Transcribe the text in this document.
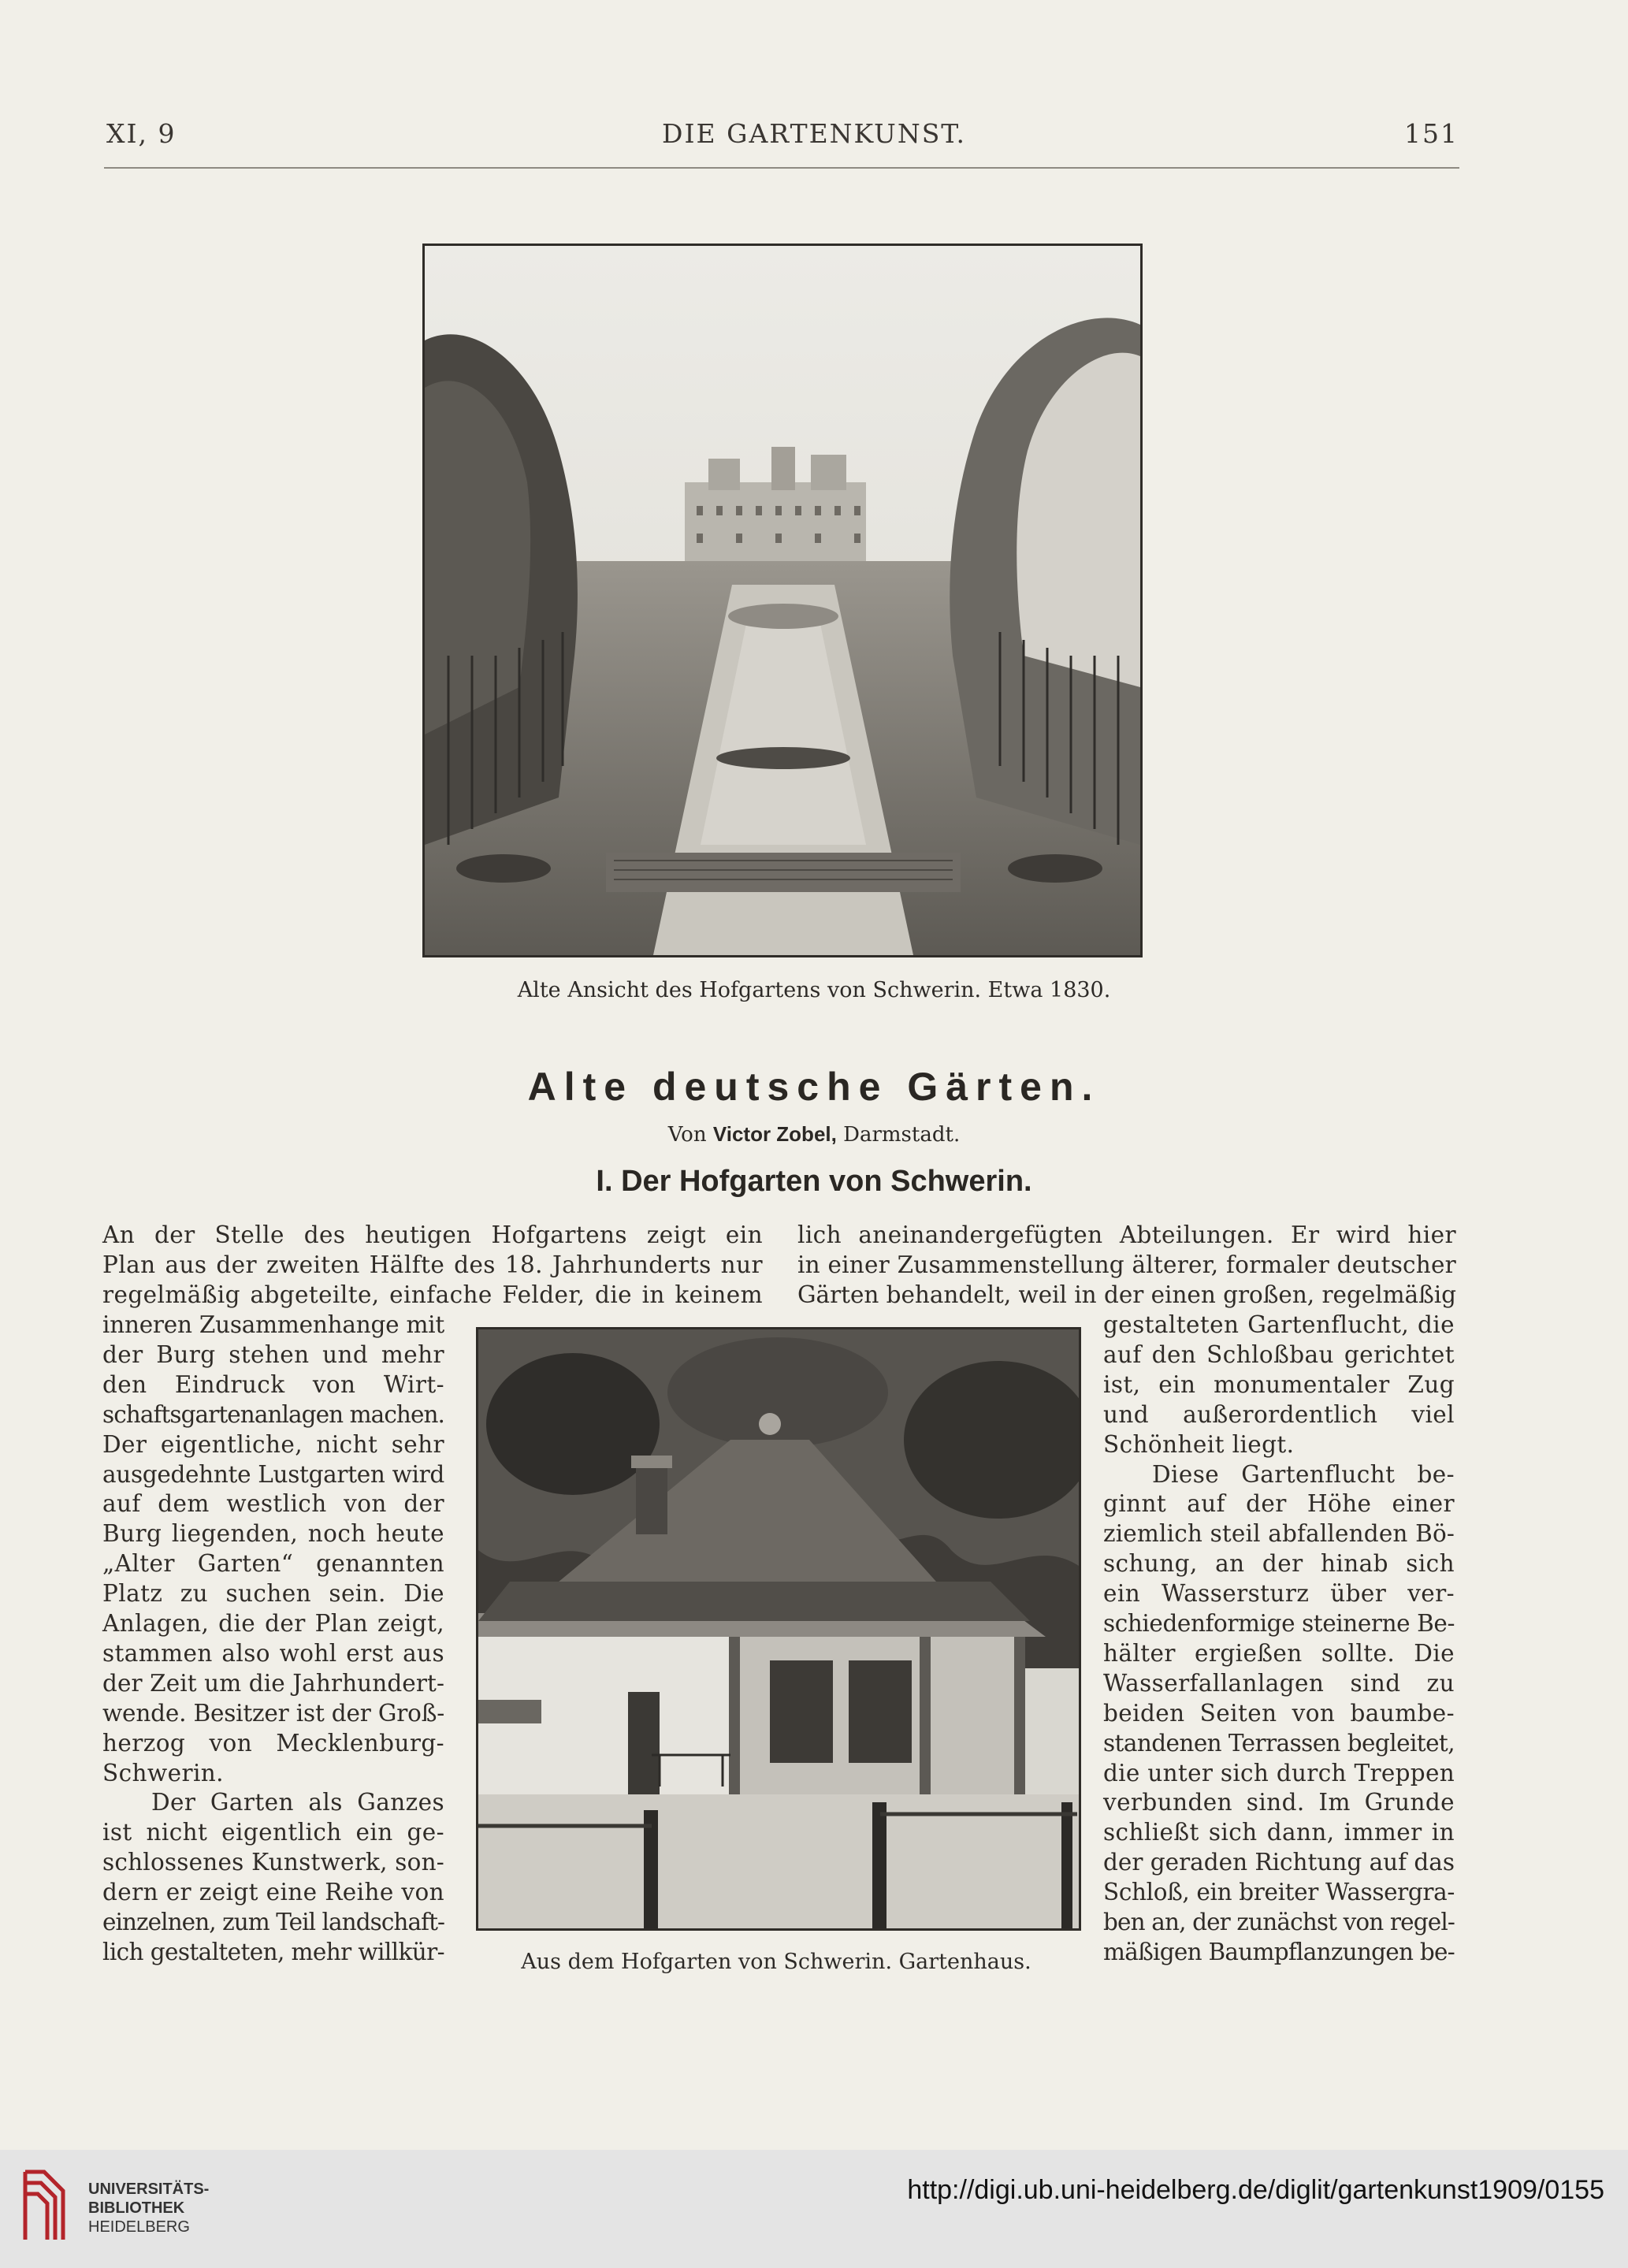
XI, 9	DIE GARTENKUNST.	151
Alte Ansicht des Hofgartens von Schwerin. Etwa 1830.
Alte deutsche Gärten.
Von Victor Zobel, Darmstadt.
I. Der Hofgarten von Schwerin.
Aus dem Hofgarten von Schwerin. Gartenhaus.
An der Stelle des heutigen Hofgartens zeigt ein
Plan aus der zweiten Hälfte des 18. Jahrhunderts nur
regelmäßig abgeteilte, einfache Felder, die in keinem
inneren Zusammenhange mit
der Burg stehen und mehr
den Eindruck von Wirt-
schaftsgartenanlagen machen.
Der eigentliche, nicht sehr
ausgedehnte Lustgarten wird
auf dem westlich von der
Burg liegenden, noch heute
„Alter Garten“ genannten
Platz zu suchen sein. Die
Anlagen, die der Plan zeigt,
stammen also wohl erst aus
der Zeit um die Jahrhundert-
wende. Besitzer ist der Groß-
herzog von Mecklenburg-
Schwerin.
Der Garten als Ganzes
ist nicht eigentlich ein ge-
schlossenes Kunstwerk, son-
dern er zeigt eine Reihe von
einzelnen, zum Teil landschaft-
lich gestalteten, mehr willkür-
lich aneinandergefügten Abteilungen. Er wird hier
in einer Zusammenstellung älterer, formaler deutscher
Gärten behandelt, weil in der einen großen, regelmäßig
gestalteten Gartenflucht, die
auf den Schloßbau gerichtet
ist, ein monumentaler Zug
und außerordentlich viel
Schönheit liegt.
Diese Gartenflucht be-
ginnt auf der Höhe einer
ziemlich steil abfallenden Bö-
schung, an der hinab sich
ein Wassersturz über ver-
schiedenformige steinerne Be-
hälter ergießen sollte. Die
Wasserfallanlagen sind zu
beiden Seiten von baumbe-
standenen Terrassen begleitet,
die unter sich durch Treppen
verbunden sind. Im Grunde
schließt sich dann, immer in
der geraden Richtung auf das
Schloß, ein breiter Wassergra-
ben an, der zunächst von regel-
mäßigen Baumpflanzungen be-
UNIVERSITÄTS-
BIBLIOTHEK
HEIDELBERG
http://digi.ub.uni-heidelberg.de/diglit/gartenkunst1909/0155
